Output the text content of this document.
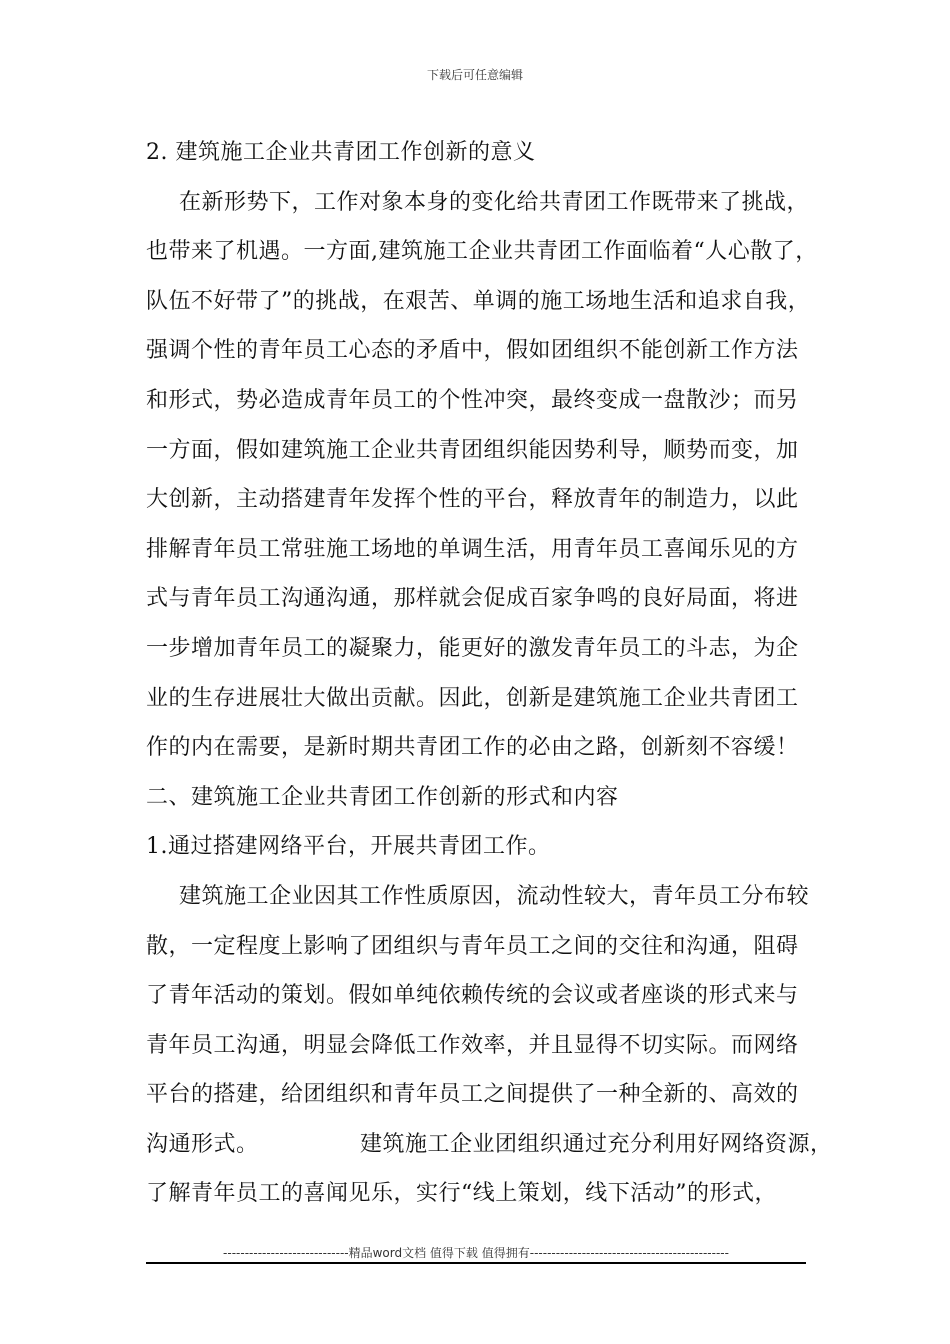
下载后可任意编辑
2. 建筑施工企业共青团工作创新的意义
在新形势下，工作对象本身的变化给共青团工作既带来了挑战，
也带来了机遇。一方面,建筑施工企业共青团工作面临着“人心散了，
队伍不好带了”的挑战，在艰苦、单调的施工场地生活和追求自我，
强调个性的青年员工心态的矛盾中，假如团组织不能创新工作方法
和形式，势必造成青年员工的个性冲突，最终变成一盘散沙；而另
一方面，假如建筑施工企业共青团组织能因势利导，顺势而变，加
大创新，主动搭建青年发挥个性的平台，释放青年的制造力，以此
排解青年员工常驻施工场地的单调生活，用青年员工喜闻乐见的方
式与青年员工沟通沟通，那样就会促成百家争鸣的良好局面，将进
一步增加青年员工的凝聚力，能更好的激发青年员工的斗志，为企
业的生存进展壮大做出贡献。因此，创新是建筑施工企业共青团工
作的内在需要，是新时期共青团工作的必由之路，创新刻不容缓！
二、建筑施工企业共青团工作创新的形式和内容
1.通过搭建网络平台，开展共青团工作。
建筑施工企业因其工作性质原因，流动性较大，青年员工分布较
散，一定程度上影响了团组织与青年员工之间的交往和沟通，阻碍
了青年活动的策划。假如单纯依赖传统的会议或者座谈的形式来与
青年员工沟通，明显会降低工作效率，并且显得不切实际。而网络
平台的搭建，给团组织和青年员工之间提供了一种全新的、高效的
沟通形式。　　　　　建筑施工企业团组织通过充分利用好网络资源，
了解青年员工的喜闻见乐，实行“线上策划，线下活动”的形式，
-----------------------------精品word文档 值得下载 值得拥有----------------------------------------------
